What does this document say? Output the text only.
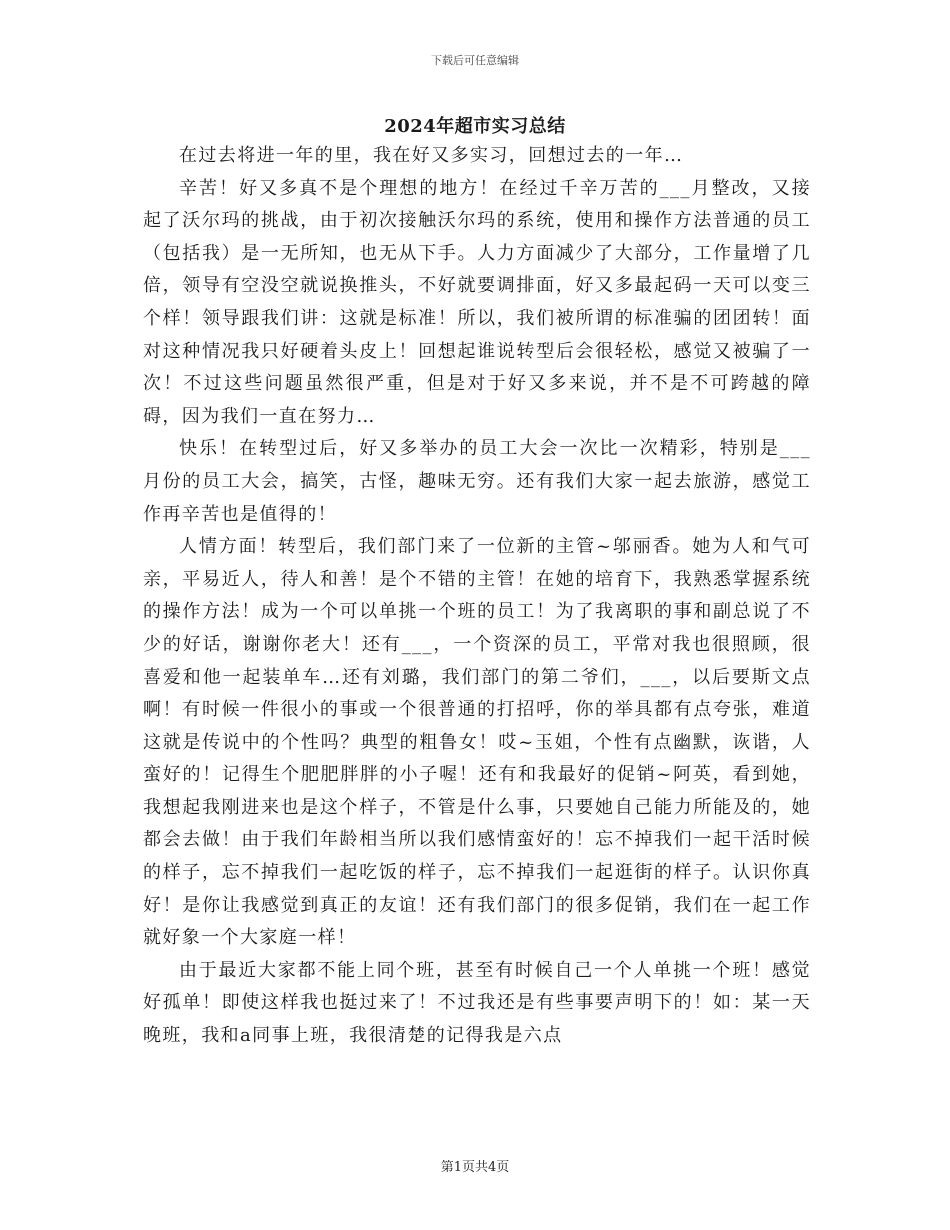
下载后可任意编辑
2024年超市实习总结

在过去将进一年的里，我在好又多实习，回想过去的一年…

辛苦！好又多真不是个理想的地方！在经过千辛万苦的___月整改，又接起了沃尔玛的挑战，由于初次接触沃尔玛的系统，使用和操作方法普通的员工（包括我）是一无所知，也无从下手。人力方面减少了大部分，工作量增了几倍，领导有空没空就说换推头，不好就要调排面，好又多最起码一天可以变三个样！领导跟我们讲：这就是标准！所以，我们被所谓的标准骗的团团转！面对这种情况我只好硬着头皮上！回想起谁说转型后会很轻松，感觉又被骗了一次！不过这些问题虽然很严重，但是对于好又多来说，并不是不可跨越的障碍，因为我们一直在努力…

快乐！在转型过后，好又多举办的员工大会一次比一次精彩，特别是___月份的员工大会，搞笑，古怪，趣味无穷。还有我们大家一起去旅游，感觉工作再辛苦也是值得的！

人情方面！转型后，我们部门来了一位新的主管~邬丽香。她为人和气可亲，平易近人，待人和善！是个不错的主管！在她的培育下，我熟悉掌握系统的操作方法！成为一个可以单挑一个班的员工！为了我离职的事和副总说了不少的好话，谢谢你老大！还有___，一个资深的员工，平常对我也很照顾，很喜爱和他一起装单车…还有刘璐，我们部门的第二爷们，___，以后要斯文点啊！有时候一件很小的事或一个很普通的打招呼，你的举具都有点夸张，难道这就是传说中的个性吗？典型的粗鲁女！哎~玉姐，个性有点幽默，诙谐，人蛮好的！记得生个肥肥胖胖的小子喔！还有和我最好的促销~阿英，看到她，我想起我刚进来也是这个样子，不管是什么事，只要她自己能力所能及的，她都会去做！由于我们年龄相当所以我们感情蛮好的！忘不掉我们一起干活时候的样子，忘不掉我们一起吃饭的样子，忘不掉我们一起逛街的样子。认识你真好！是你让我感觉到真正的友谊！还有我们部门的很多促销，我们在一起工作就好象一个大家庭一样！

由于最近大家都不能上同个班，甚至有时候自己一个人单挑一个班！感觉好孤单！即使这样我也挺过来了！不过我还是有些事要声明下的！如：某一天晚班，我和a同事上班，我很清楚的记得我是六点

第1页共4页
